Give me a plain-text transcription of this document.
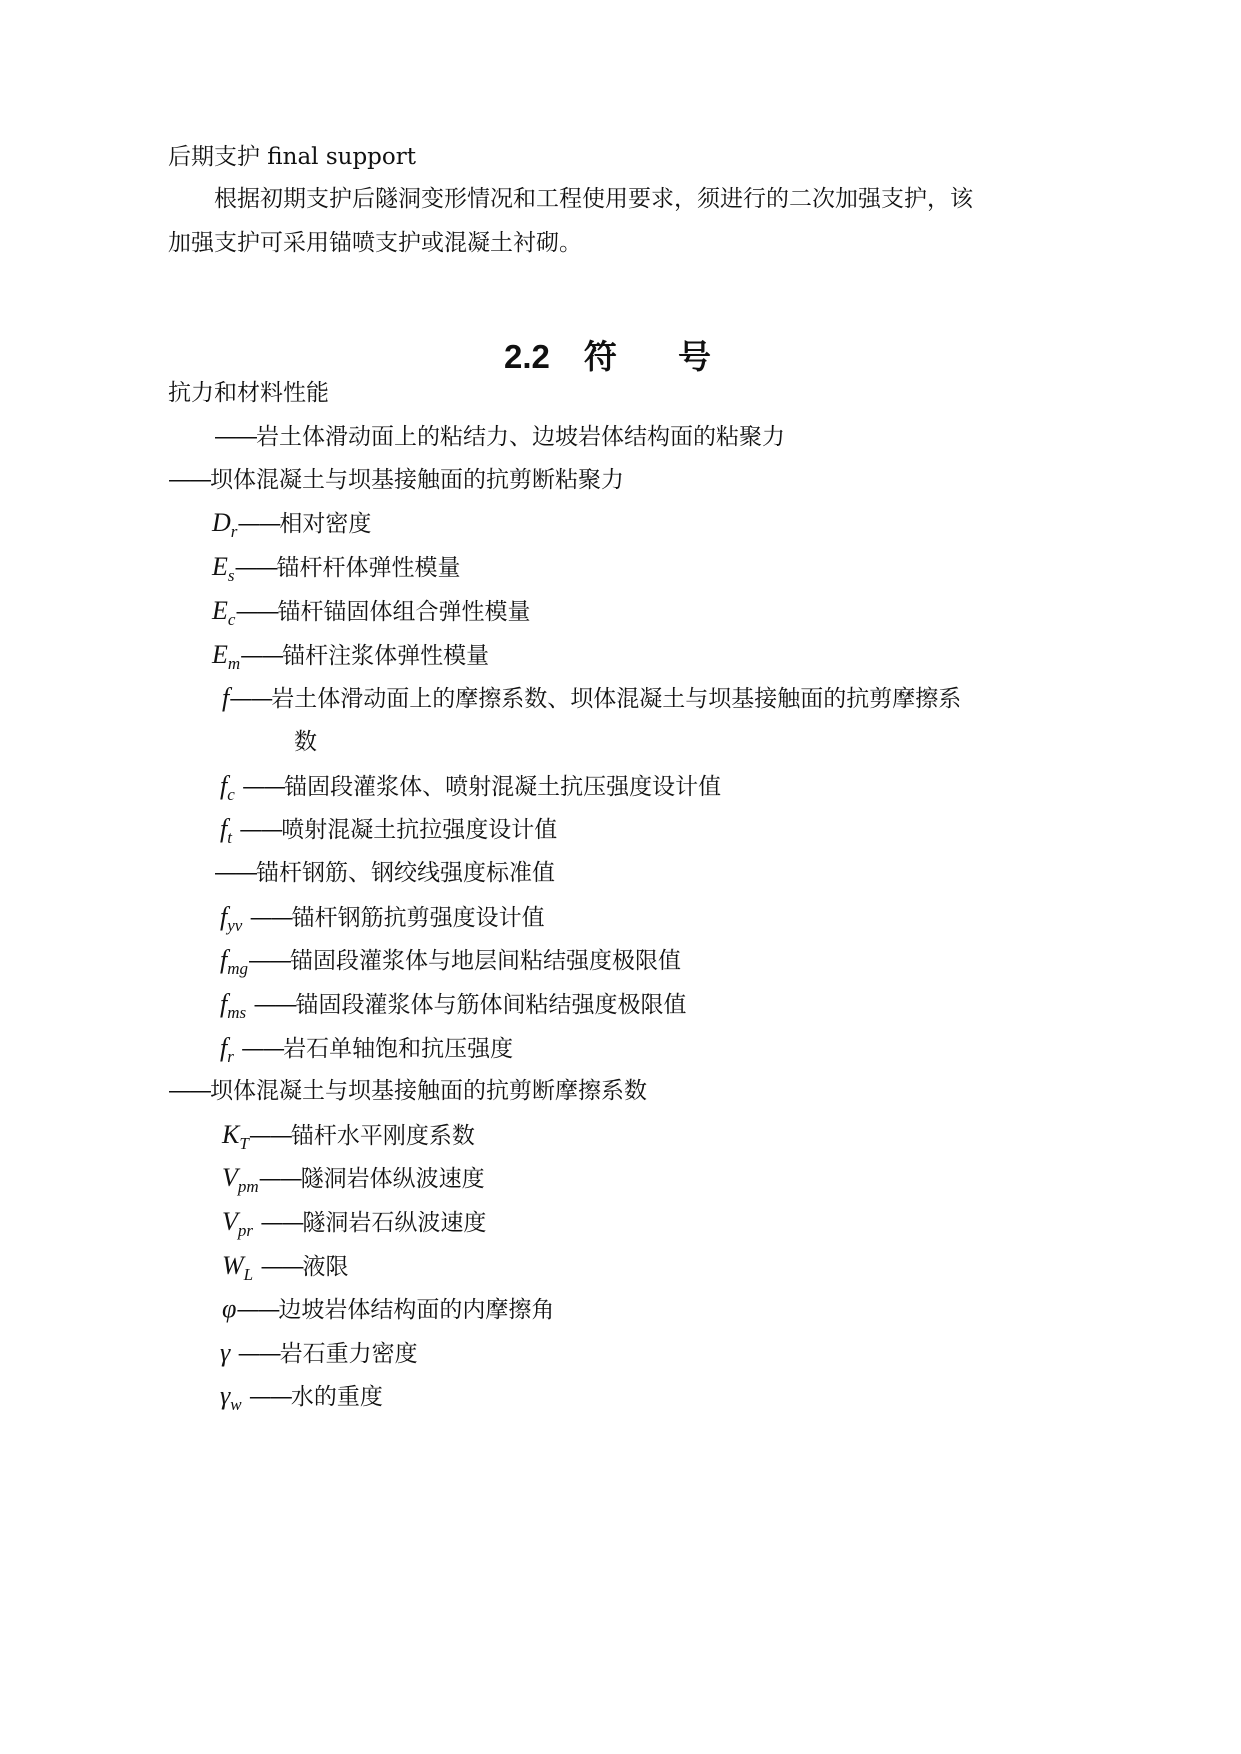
后期支护 final support
根据初期支护后隧洞变形情况和工程使用要求，须进行的二次加强支护，该
加强支护可采用锚喷支护或混凝土衬砌。
2.2 符 号
抗力和材料性能
——岩土体滑动面上的粘结力、边坡岩体结构面的粘聚力
——坝体混凝土与坝基接触面的抗剪断粘聚力
$D_r——$相对密度
$E_s——$锚杆杆体弹性模量
$E_c——$锚杆锚固体组合弹性模量
$E_m——$锚杆注浆体弹性模量
f——岩土体滑动面上的摩擦系数、坝体混凝土与坝基接触面的抗剪摩擦系
数
$f_c$ ——锚固段灌浆体、喷射混凝土抗压强度设计值
$f_t$ ——喷射混凝土抗拉强度设计值
——锚杆钢筋、钢绞线强度标准值
$f_{yv}$ ——锚杆钢筋抗剪强度设计值
$f_{mg}——$锚固段灌浆体与地层间粘结强度极限值
$f_{ms}$ ——锚固段灌浆体与筋体间粘结强度极限值
$f_r$ ——岩石单轴饱和抗压强度
——坝体混凝土与坝基接触面的抗剪断摩擦系数
$K_T——$锚杆水平刚度系数
$V_{pm}——$隧洞岩体纵波速度
$V_{pr}$ ——隧洞岩石纵波速度
$W_L$ ——液限
φ——边坡岩体结构面的内摩擦角
γ ——岩石重力密度
$\gamma_w$ ——水的重度
